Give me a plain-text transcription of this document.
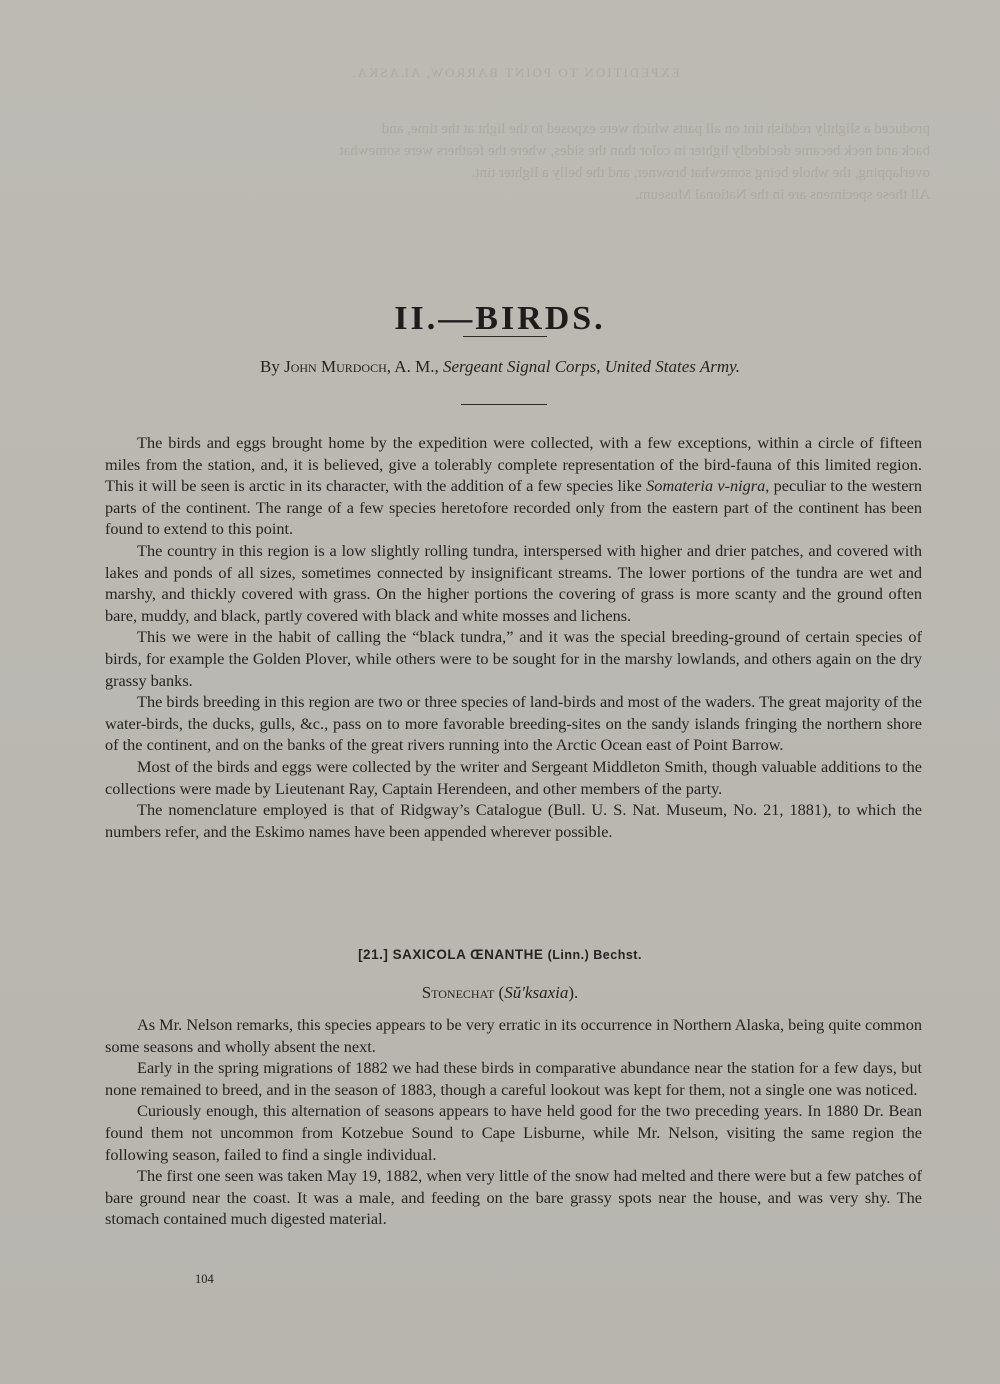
EXPEDITION TO POINT BARROW, ALASKA.
produced a slightly reddish tint on all parts which were exposed to the light at the time, and
back and neck became decidedly lighter in color than the sides, where the feathers were somewhat
overlapping, the whole being somewhat browner, and the belly a lighter tint.
All these specimens are in the National Museum.
II.—BIRDS.
By John Murdoch, A. M., Sergeant Signal Corps, United States Army.

The birds and eggs brought home by the expedition were collected, with a few exceptions, within a circle of fifteen miles from the station, and, it is believed, give a tolerably complete representation of the bird-fauna of this limited region. This it will be seen is arctic in its character, with the addition of a few species like Somateria v-nigra, peculiar to the western parts of the continent. The range of a few species heretofore recorded only from the eastern part of the continent has been found to extend to this point.

The country in this region is a low slightly rolling tundra, interspersed with higher and drier patches, and covered with lakes and ponds of all sizes, sometimes connected by insignificant streams. The lower portions of the tundra are wet and marshy, and thickly covered with grass. On the higher portions the covering of grass is more scanty and the ground often bare, muddy, and black, partly covered with black and white mosses and lichens.

This we were in the habit of calling the “black tundra,” and it was the special breeding-ground of certain species of birds, for example the Golden Plover, while others were to be sought for in the marshy lowlands, and others again on the dry grassy banks.

The birds breeding in this region are two or three species of land-birds and most of the waders. The great majority of the water-birds, the ducks, gulls, &c., pass on to more favorable breeding-sites on the sandy islands fringing the northern shore of the continent, and on the banks of the great rivers running into the Arctic Ocean east of Point Barrow.

Most of the birds and eggs were collected by the writer and Sergeant Middleton Smith, though valuable additions to the collections were made by Lieutenant Ray, Captain Herendeen, and other members of the party.

The nomenclature employed is that of Ridgway’s Catalogue (Bull. U. S. Nat. Museum, No. 21, 1881), to which the numbers refer, and the Eskimo names have been appended wherever possible.

[21.] SAXICOLA ŒNANTHE (Linn.) Bechst.
Stonechat (Sŭ′ksaxia).

As Mr. Nelson remarks, this species appears to be very erratic in its occurrence in Northern Alaska, being quite common some seasons and wholly absent the next.

Early in the spring migrations of 1882 we had these birds in comparative abundance near the station for a few days, but none remained to breed, and in the season of 1883, though a careful lookout was kept for them, not a single one was noticed.

Curiously enough, this alternation of seasons appears to have held good for the two preceding years. In 1880 Dr. Bean found them not uncommon from Kotzebue Sound to Cape Lisburne, while Mr. Nelson, visiting the same region the following season, failed to find a single individual.

The first one seen was taken May 19, 1882, when very little of the snow had melted and there were but a few patches of bare ground near the coast. It was a male, and feeding on the bare grassy spots near the house, and was very shy. The stomach contained much digested material.

104
